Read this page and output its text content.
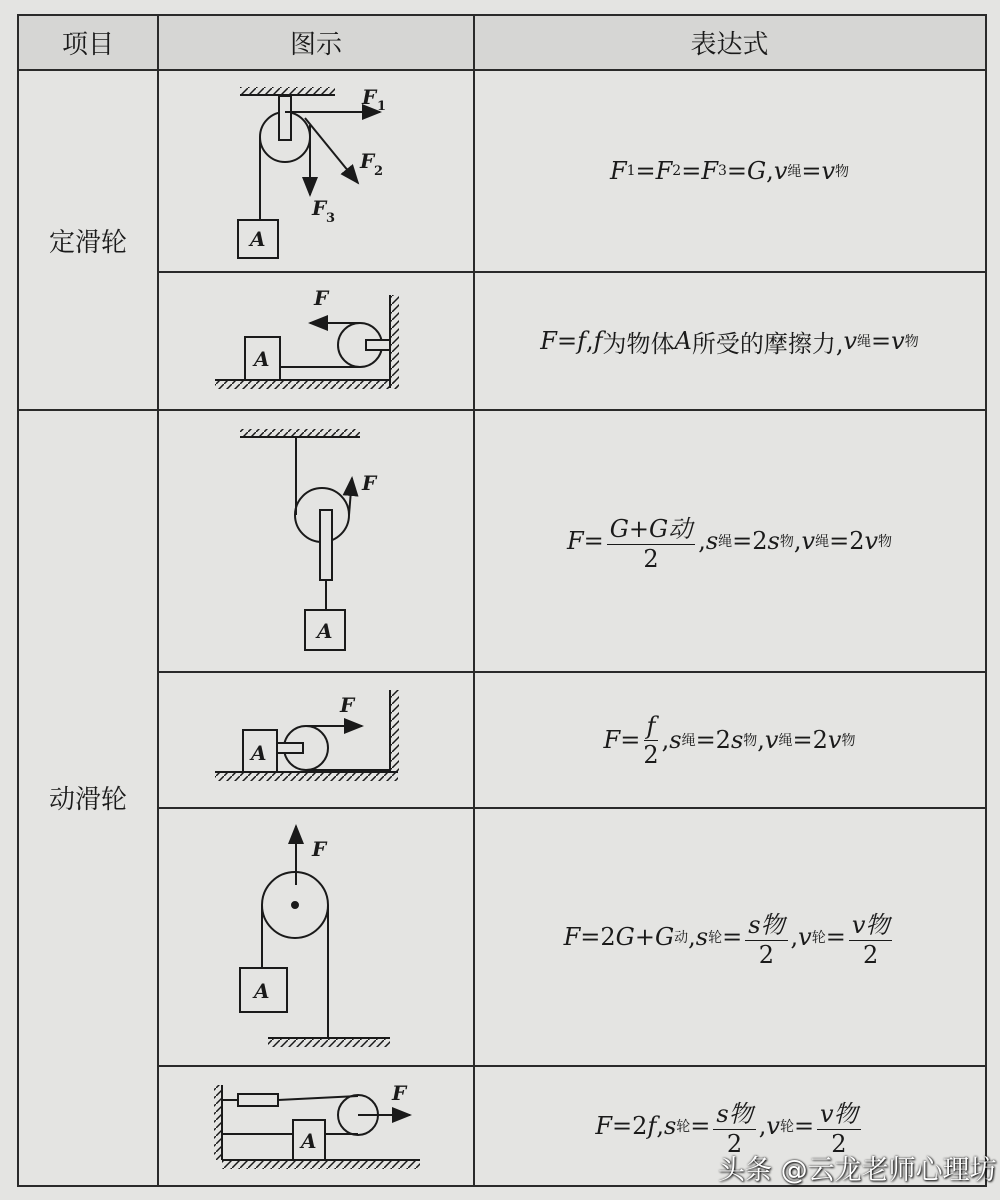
项目	图示	表达式
定滑轮
动滑轮
F 1 = F 2 = F 3 = G , v 绳 = v 物
F = f , f 为物体 A 所受的摩擦力, v 绳 = v 物
$F = \frac{\text{G+G动}}{2}$ , s 绳 =2 s 物 , v 绳 =2 v 物
$F = \frac{f}{2}$ , s 绳 =2 s 物 , v 绳 =2 v 物
F =2 G + G 动 , s 轮 = $\frac{\text{s物}}{2}$ , v 轮 = $\frac{\text{v物}}{2}$
F =2 f , s 轮 = $\frac{\text{s物}}{2}$ , v 轮 = $\frac{\text{v物}}{2}$
F 1
F 2
F 3
A
F
A
F
A
F
A
F
A
F
A
头条 @云龙老师心理坊
